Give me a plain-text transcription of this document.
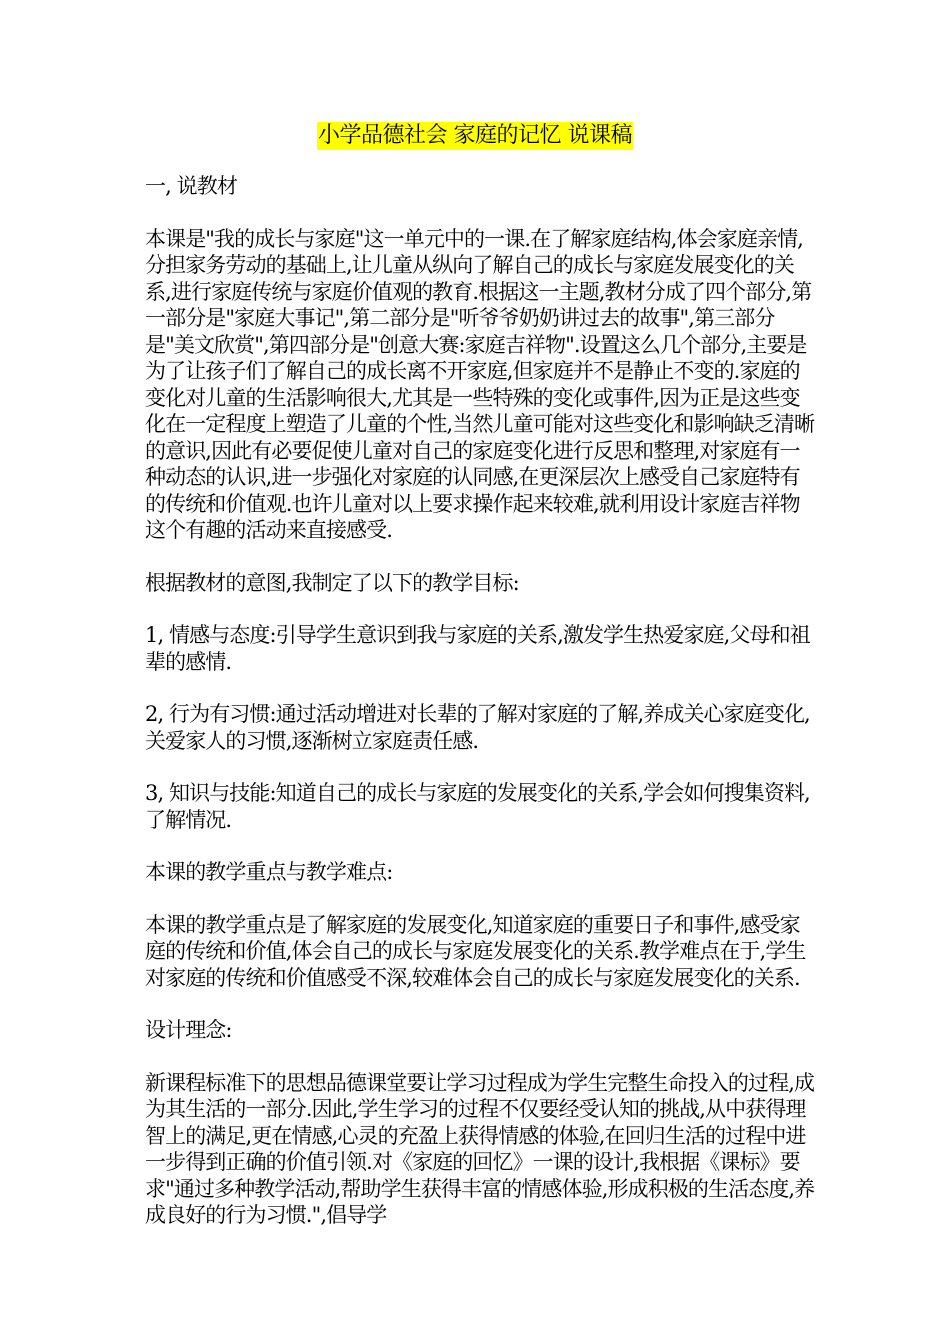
小学品德社会 家庭的记忆 说课稿

一, 说教材

本课是"我的成长与家庭"这一单元中的一课.在了解家庭结构,体会家庭亲情,分担家务劳动的基础上,让儿童从纵向了解自己的成长与家庭发展变化的关系,进行家庭传统与家庭价值观的教育.根据这一主题,教材分成了四个部分,第一部分是"家庭大事记",第二部分是"听爷爷奶奶讲过去的故事",第三部分是"美文欣赏",第四部分是"创意大赛:家庭吉祥物".设置这么几个部分,主要是为了让孩子们了解自己的成长离不开家庭,但家庭并不是静止不变的.家庭的变化对儿童的生活影响很大,尤其是一些特殊的变化或事件,因为正是这些变化在一定程度上塑造了儿童的个性,当然儿童可能对这些变化和影响缺乏清晰的意识,因此有必要促使儿童对自己的家庭变化进行反思和整理,对家庭有一种动态的认识,进一步强化对家庭的认同感,在更深层次上感受自己家庭特有的传统和价值观.也许儿童对以上要求操作起来较难,就利用设计家庭吉祥物这个有趣的活动来直接感受.

根据教材的意图,我制定了以下的教学目标:

1, 情感与态度:引导学生意识到我与家庭的关系,激发学生热爱家庭,父母和祖辈的感情.

2, 行为有习惯:通过活动增进对长辈的了解对家庭的了解,养成关心家庭变化,关爱家人的习惯,逐渐树立家庭责任感.

3, 知识与技能:知道自己的成长与家庭的发展变化的关系,学会如何搜集资料,了解情况.

本课的教学重点与教学难点:

本课的教学重点是了解家庭的发展变化,知道家庭的重要日子和事件,感受家庭的传统和价值,体会自己的成长与家庭发展变化的关系.教学难点在于,学生对家庭的传统和价值感受不深,较难体会自己的成长与家庭发展变化的关系.

设计理念:

新课程标准下的思想品德课堂要让学习过程成为学生完整生命投入的过程,成为其生活的一部分.因此,学生学习的过程不仅要经受认知的挑战,从中获得理智上的满足,更在情感,心灵的充盈上获得情感的体验,在回归生活的过程中进一步得到正确的价值引领.对《家庭的回忆》一课的设计,我根据《课标》要求"通过多种教学活动,帮助学生获得丰富的情感体验,形成积极的生活态度,养成良好的行为习惯.",倡导学
